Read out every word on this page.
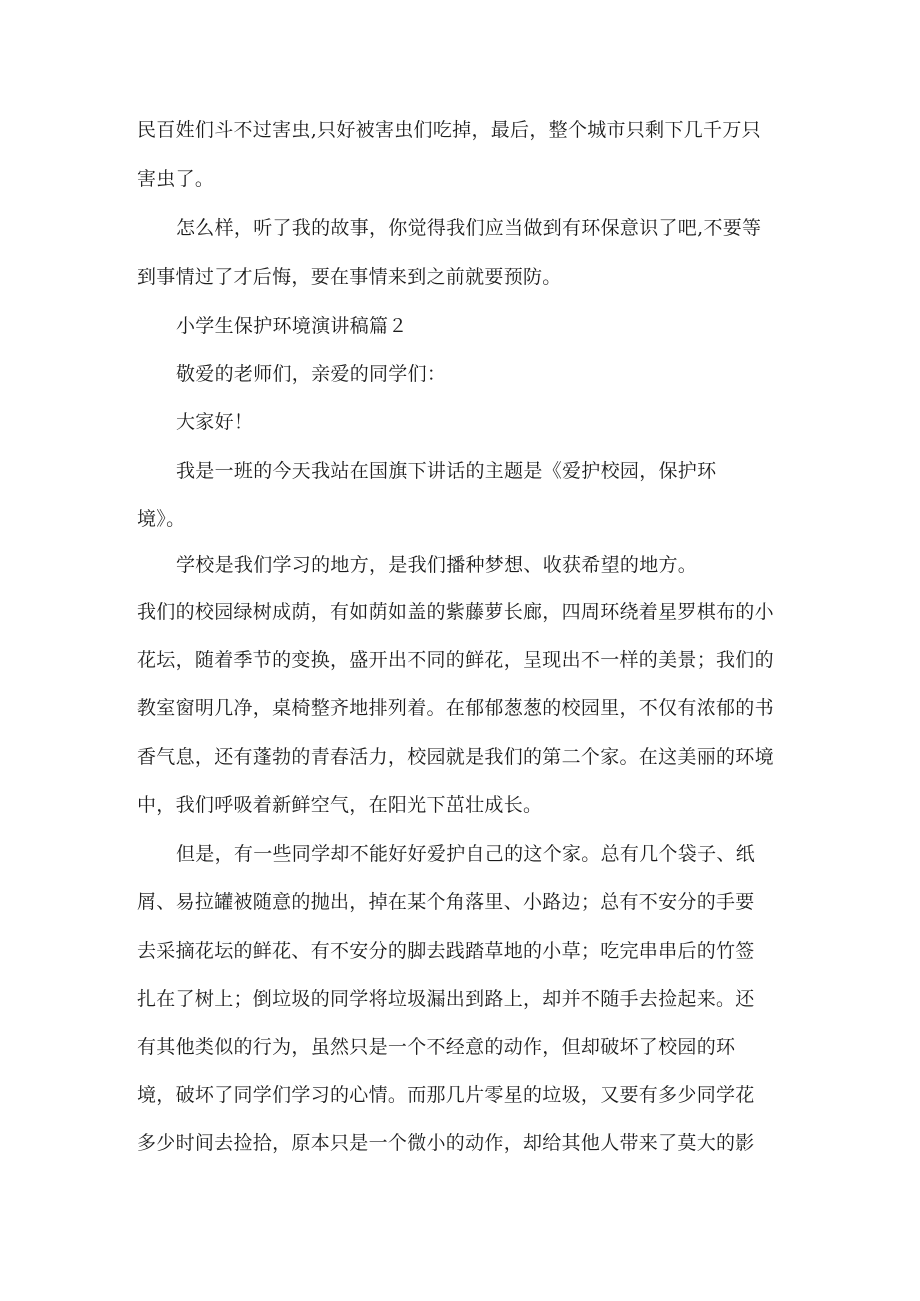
民百姓们斗不过害虫,只好被害虫们吃掉，最后，整个城市只剩下几千万只
害虫了。
怎么样，听了我的故事，你觉得我们应当做到有环保意识了吧,不要等
到事情过了才后悔，要在事情来到之前就要预防。
小学生保护环境演讲稿篇２
敬爱的老师们，亲爱的同学们：
大家好！
我是一班的今天我站在国旗下讲话的主题是《爱护校园，保护环
境》。
学校是我们学习的地方，是我们播种梦想、收获希望的地方。
我们的校园绿树成荫，有如荫如盖的紫藤萝长廊，四周环绕着星罗棋布的小
花坛，随着季节的变换，盛开出不同的鲜花，呈现出不一样的美景；我们的
教室窗明几净，桌椅整齐地排列着。在郁郁葱葱的校园里，不仅有浓郁的书
香气息，还有蓬勃的青春活力，校园就是我们的第二个家。在这美丽的环境
中，我们呼吸着新鲜空气，在阳光下茁壮成长。
但是，有一些同学却不能好好爱护自己的这个家。总有几个袋子、纸
屑、易拉罐被随意的抛出，掉在某个角落里、小路边；总有不安分的手要
去采摘花坛的鲜花、有不安分的脚去践踏草地的小草；吃完串串后的竹签
扎在了树上；倒垃圾的同学将垃圾漏出到路上，却并不随手去捡起来。还
有其他类似的行为，虽然只是一个不经意的动作，但却破坏了校园的环
境，破坏了同学们学习的心情。而那几片零星的垃圾，又要有多少同学花
多少时间去捡拾，原本只是一个微小的动作，却给其他人带来了莫大的影
